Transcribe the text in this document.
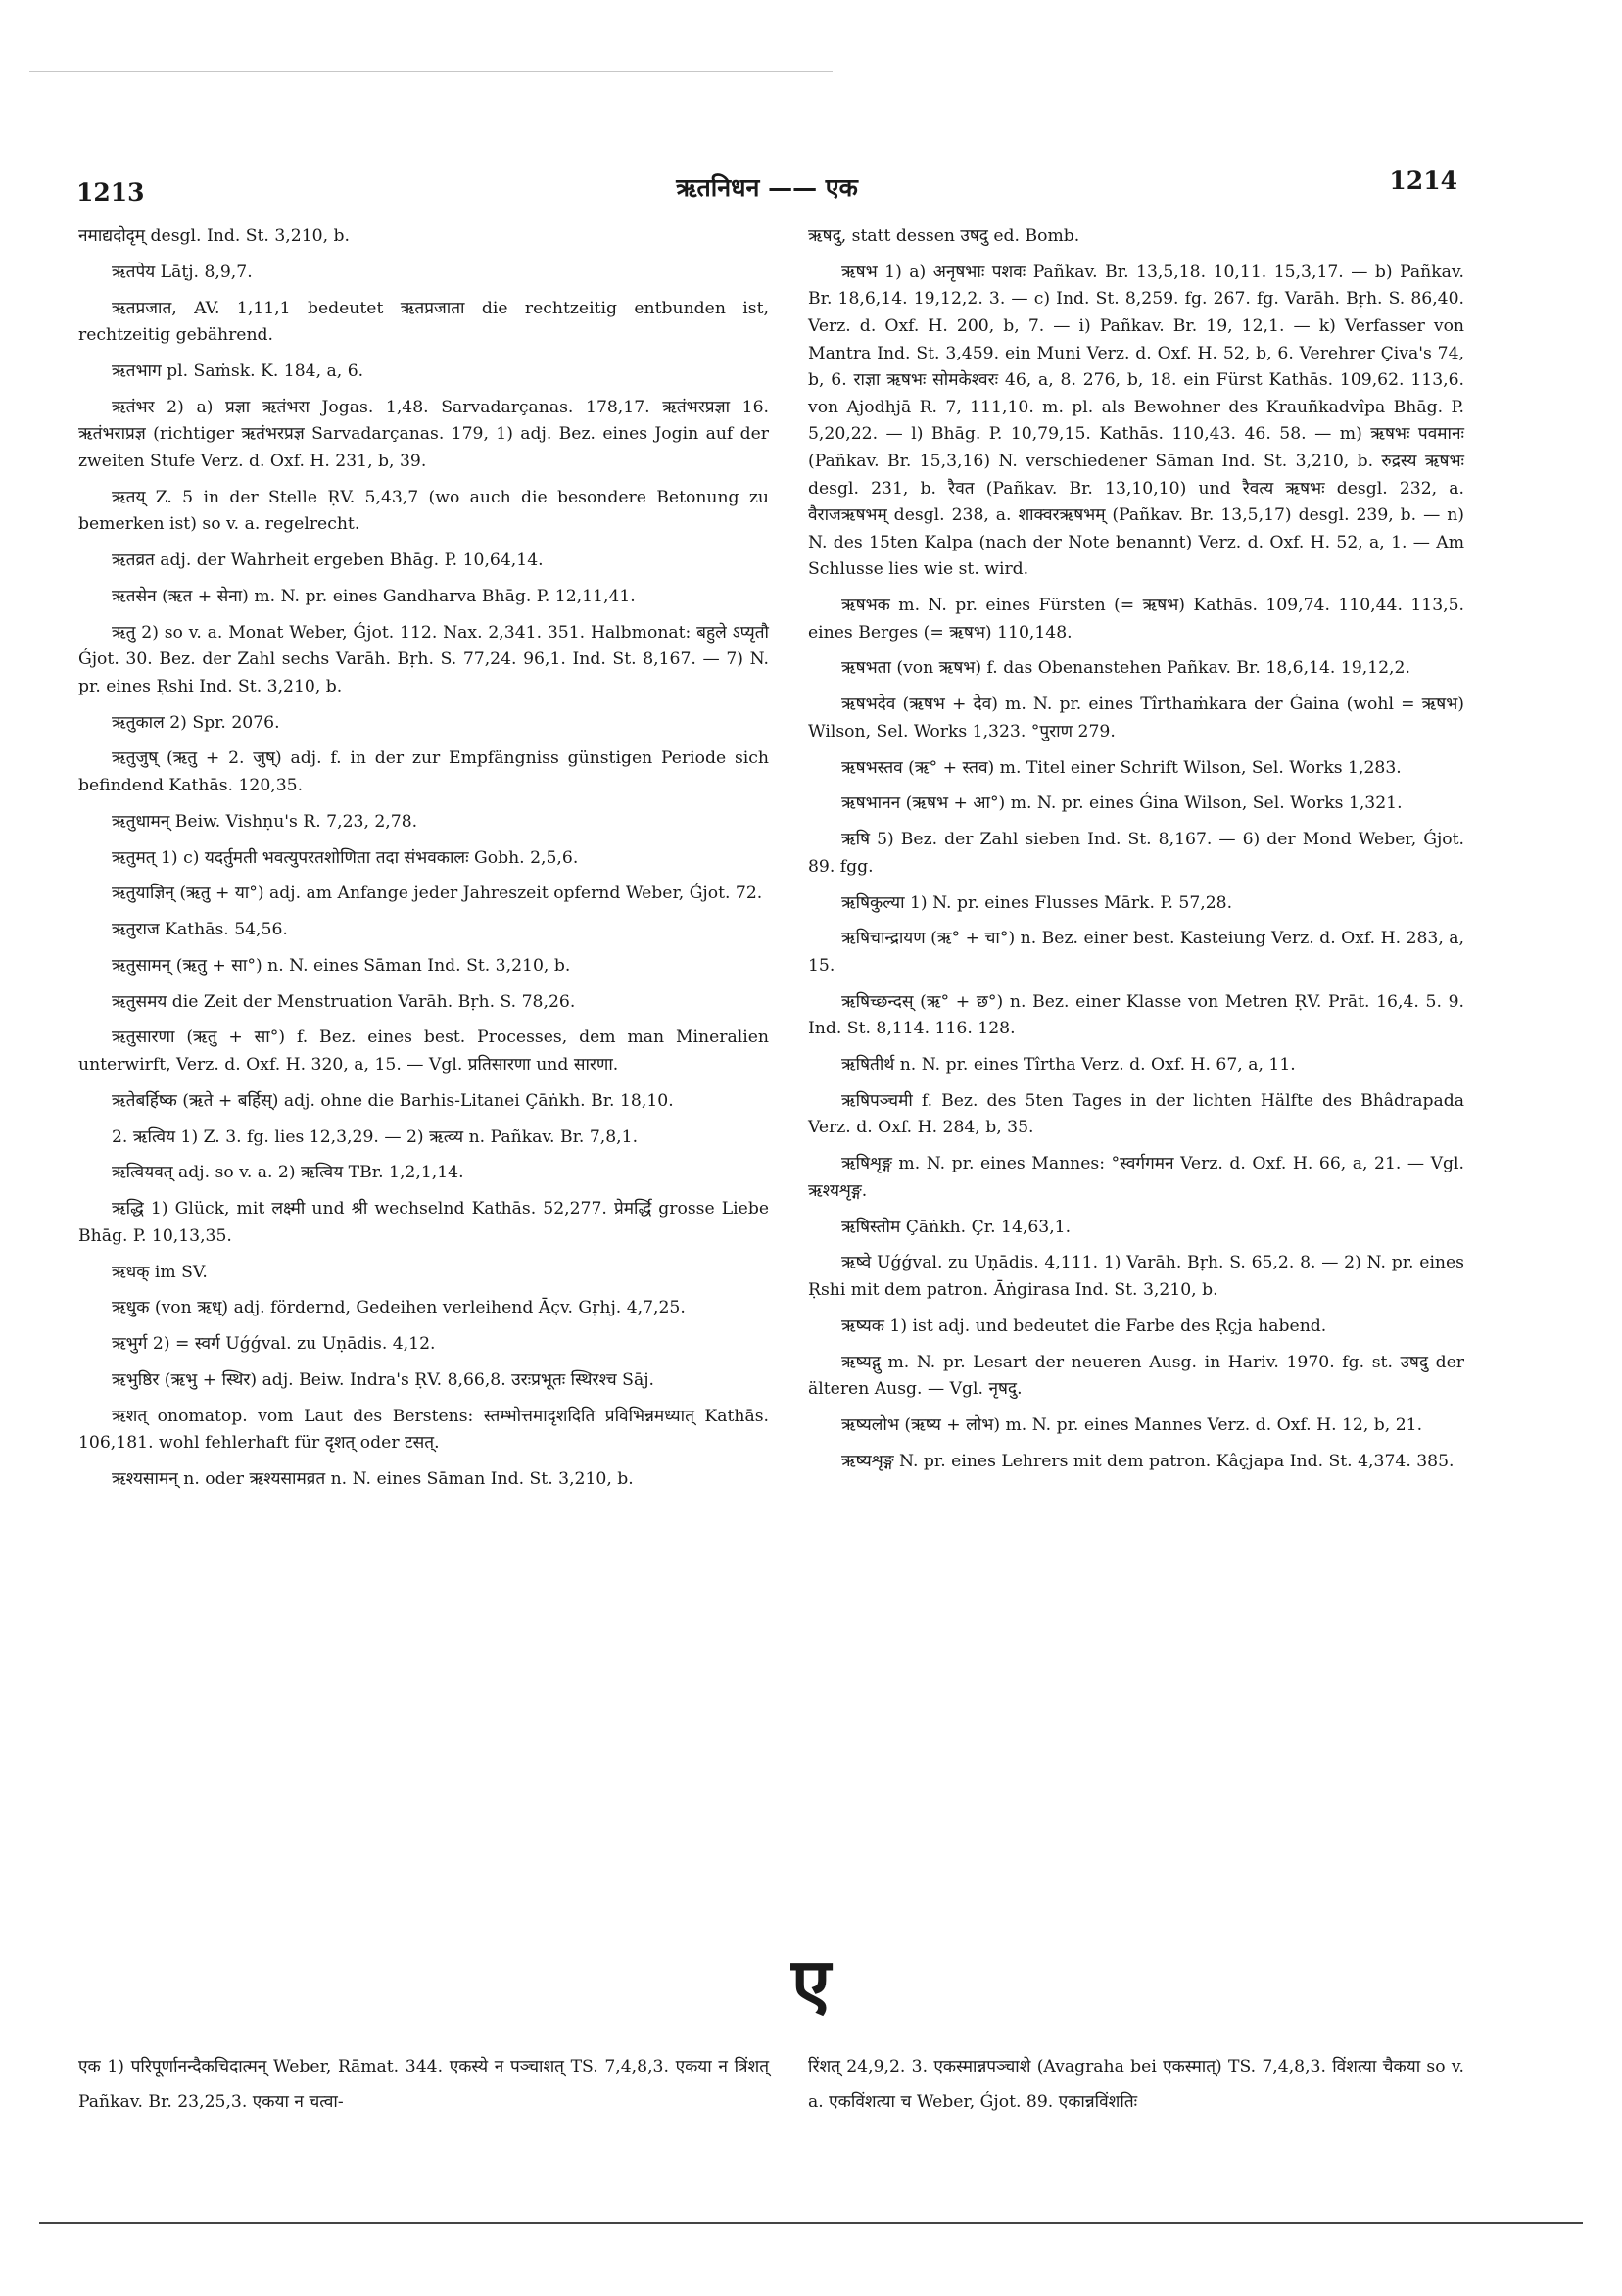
1213	ऋतनिधन —— एक	1214

नमाद्यदोदृम् desgl. Ind. St. 3,210, b.

ऋतपेय Lāṭj. 8,9,7.

ऋतप्रजात, AV. 1,11,1 bedeutet ऋतप्रजाता die rechtzeitig entbunden ist, rechtzeitig gebährend.

ऋतभाग pl. Saṁsk. K. 184, a, 6.

ऋतंभर 2) a) प्रज्ञा ऋतंभरा Jogas. 1,48. Sarvadarçanas. 178,17. ऋतंभरप्रज्ञा 16. ऋतंभराप्रज्ञ (richtiger ऋतंभरप्रज्ञ Sarvadarçanas. 179, 1) adj. Bez. eines Jogin auf der zweiten Stufe Verz. d. Oxf. H. 231, b, 39.

ऋतय् Z. 5 in der Stelle ṚV. 5,43,7 (wo auch die besondere Betonung zu bemerken ist) so v. a. regelrecht.

ऋतव्रत adj. der Wahrheit ergeben Bhāg. P. 10,64,14.

ऋतसेन (ऋत + सेना) m. N. pr. eines Gandharva Bhāg. P. 12,11,41.

ऋतु 2) so v. a. Monat Weber, Ǵjot. 112. Nax. 2,341. 351. Halbmonat: बहुले ऽप्यृतौ Ǵjot. 30. Bez. der Zahl sechs Varāh. Bṛh. S. 77,24. 96,1. Ind. St. 8,167. — 7) N. pr. eines Ṛshi Ind. St. 3,210, b.

ऋतुकाल 2) Spr. 2076.

ऋतुजुष् (ऋतु + 2. जुष्) adj. f. in der zur Empfängniss günstigen Periode sich befindend Kathās. 120,35.

ऋतुधामन् Beiw. Vishṇu's R. 7,23, 2,78.

ऋतुमत् 1) c) यदर्तुमती भवत्युपरतशोणिता तदा संभवकालः Gobh. 2,5,6.

ऋतुयाज्ञिन् (ऋतु + या°) adj. am Anfange jeder Jahreszeit opfernd Weber, Ǵjot. 72.

ऋतुराज Kathās. 54,56.

ऋतुसामन् (ऋतु + सा°) n. N. eines Sāman Ind. St. 3,210, b.

ऋतुसमय die Zeit der Menstruation Varāh. Bṛh. S. 78,26.

ऋतुसारणा (ऋतु + सा°) f. Bez. eines best. Processes, dem man Mineralien unterwirft, Verz. d. Oxf. H. 320, a, 15. — Vgl. प्रतिसारणा und सारणा.

ऋतेबर्हिष्क (ऋते + बर्हिस्) adj. ohne die Barhis-Litanei Çāṅkh. Br. 18,10.

2. ऋत्विय 1) Z. 3. fg. lies 12,3,29. — 2) ऋत्व्य n. Pañkav. Br. 7,8,1.

ऋत्वियवत् adj. so v. a. 2) ऋत्विय TBr. 1,2,1,14.

ऋद्धि 1) Glück, mit लक्ष्मी und श्री wechselnd Kathās. 52,277. प्रेमर्द्धि grosse Liebe Bhāg. P. 10,13,35.

ऋधक् im SV.

ऋधुक (von ऋध्) adj. fördernd, Gedeihen verleihend Āçv. Gṛhj. 4,7,25.

ऋभुर्ग 2) = स्वर्ग Uǵǵval. zu Uṇādis. 4,12.

ऋभुष्ठिर (ऋभु + स्थिर) adj. Beiw. Indra's ṚV. 8,66,8. उरःप्रभूतः स्थिरश्च Sāj.

ऋशत् onomatop. vom Laut des Berstens: स्तम्भोत्तमादृशदिति प्रविभिन्नमध्यात् Kathās. 106,181. wohl fehlerhaft für दृशत् oder टसत्.

ऋश्यसामन् n. oder ऋश्यसामव्रत n. N. eines Sāman Ind. St. 3,210, b.

ऋषदु, statt dessen उषदु ed. Bomb.

ऋषभ 1) a) अनृषभाः पशवः Pañkav. Br. 13,5,18. 10,11. 15,3,17. — b) Pañkav. Br. 18,6,14. 19,12,2. 3. — c) Ind. St. 8,259. fg. 267. fg. Varāh. Bṛh. S. 86,40. Verz. d. Oxf. H. 200, b, 7. — i) Pañkav. Br. 19, 12,1. — k) Verfasser von Mantra Ind. St. 3,459. ein Muni Verz. d. Oxf. H. 52, b, 6. Verehrer Çiva's 74, b, 6. राज्ञा ऋषभः सोमकेश्वरः 46, a, 8. 276, b, 18. ein Fürst Kathās. 109,62. 113,6. von Ajodhjā R. 7, 111,10. m. pl. als Bewohner des Krauñkadvîpa Bhāg. P. 5,20,22. — l) Bhāg. P. 10,79,15. Kathās. 110,43. 46. 58. — m) ऋषभः पवमानः (Pañkav. Br. 15,3,16) N. verschiedener Sāman Ind. St. 3,210, b. रुद्रस्य ऋषभः desgl. 231, b. रैवत (Pañkav. Br. 13,10,10) und रैवत्य ऋषभः desgl. 232, a. वैराजऋषभम् desgl. 238, a. शाक्वरऋषभम् (Pañkav. Br. 13,5,17) desgl. 239, b. — n) N. des 15ten Kalpa (nach der Note benannt) Verz. d. Oxf. H. 52, a, 1. — Am Schlusse lies wie st. wird.

ऋषभक m. N. pr. eines Fürsten (= ऋषभ) Kathās. 109,74. 110,44. 113,5. eines Berges (= ऋषभ) 110,148.

ऋषभता (von ऋषभ) f. das Obenanstehen Pañkav. Br. 18,6,14. 19,12,2.

ऋषभदेव (ऋषभ + देव) m. N. pr. eines Tîrthaṁkara der Ǵaina (wohl = ऋषभ) Wilson, Sel. Works 1,323. °पुराण 279.

ऋषभस्तव (ऋ° + स्तव) m. Titel einer Schrift Wilson, Sel. Works 1,283.

ऋषभानन (ऋषभ + आ°) m. N. pr. eines Ǵina Wilson, Sel. Works 1,321.

ऋषि 5) Bez. der Zahl sieben Ind. St. 8,167. — 6) der Mond Weber, Ǵjot. 89. fgg.

ऋषिकुल्या 1) N. pr. eines Flusses Mārk. P. 57,28.

ऋषिचान्द्रायण (ऋ° + चा°) n. Bez. einer best. Kasteiung Verz. d. Oxf. H. 283, a, 15.

ऋषिच्छन्दस् (ऋ° + छ°) n. Bez. einer Klasse von Metren ṚV. Prāt. 16,4. 5. 9. Ind. St. 8,114. 116. 128.

ऋषितीर्थ n. N. pr. eines Tîrtha Verz. d. Oxf. H. 67, a, 11.

ऋषिपञ्चमी f. Bez. des 5ten Tages in der lichten Hälfte des Bhâdrapada Verz. d. Oxf. H. 284, b, 35.

ऋषिशृङ्ग m. N. pr. eines Mannes: °स्वर्गगमन Verz. d. Oxf. H. 66, a, 21. — Vgl. ऋश्यशृङ्ग.

ऋषिस्तोम Çāṅkh. Çr. 14,63,1.

ऋष्वे Uǵǵval. zu Uṇādis. 4,111. 1) Varāh. Bṛh. S. 65,2. 8. — 2) N. pr. eines Ṛshi mit dem patron. Āṅgirasa Ind. St. 3,210, b.

ऋष्यक 1) ist adj. und bedeutet die Farbe des Ṛçja habend.

ऋष्यद्गु m. N. pr. Lesart der neueren Ausg. in Hariv. 1970. fg. st. उषदु der älteren Ausg. — Vgl. नृषदु.

ऋष्यलोभ (ऋष्य + लोभ) m. N. pr. eines Mannes Verz. d. Oxf. H. 12, b, 21.

ऋष्यशृङ्ग N. pr. eines Lehrers mit dem patron. Kâçjapa Ind. St. 4,374. 385.

ए
एक 1) परिपूर्णानन्दैकचिदात्मन् Weber, Rāmat. 344. एकस्ये न पञ्चाशत् TS. 7,4,8,3. एकया न त्रिंशत् Pañkav. Br. 23,25,3. एकया न चत्वा-
रिंशत् 24,9,2. 3. एकस्मान्नपञ्चाशे (Avagraha bei एकस्मात्) TS. 7,4,8,3. विंशत्या चैकया so v. a. एकविंशत्या च Weber, Ǵjot. 89. एकान्नविंशतिः
